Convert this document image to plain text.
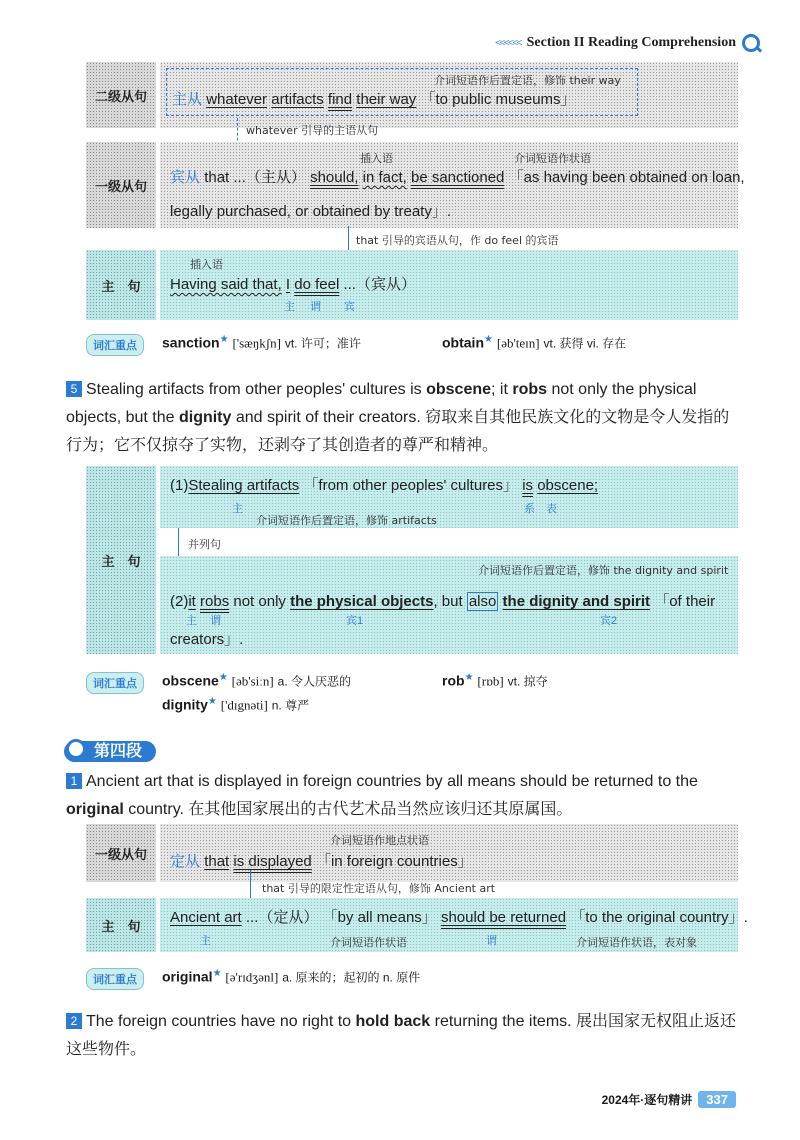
<<<<<< Section II Reading Comprehension
二级从句
介词短语作后置定语，修饰 their way
主从 whatever artifacts find their way 「to public museums」
whatever 引导的主语从句
一级从句
插入语	介词短语作状语
宾从 that ...（主从） should, in fact, be sanctioned 「as having been obtained on loan,
legally purchased, or obtained by treaty」.
that 引导的宾语从句，作 do feel 的宾语
主　句
插入语
Having said that, I do feel ...（宾从）
主 谓 宾
词汇重点	sanction★ ['sæŋkʃn] vt. 许可；准许	obtain★ [əb'teɪn] vt. 获得 vi. 存在
5 Stealing artifacts from other peoples' cultures is obscene; it robs not only the physical objects, but the dignity and spirit of their creators. 窃取来自其他民族文化的文物是令人发指的行为；它不仅掠夺了实物，还剥夺了其创造者的尊严和精神。
主　句
(1)Stealing artifacts 「from other peoples' cultures」 is obscene;
主
介词短语作后置定语，修饰 artifacts
系　表
并列句
介词短语作后置定语，修饰 the dignity and spirit
(2)it robs not only the physical objects, but also the dignity and spirit 「of their
主 谓	宾1	宾2
creators」.
词汇重点	obscene★ [əb'siːn] a. 令人厌恶的	rob★ [rɒb] vt. 掠夺
dignity★ ['dɪgnəti] n. 尊严
第四段
1 Ancient art that is displayed in foreign countries by all means should be returned to the original country. 在其他国家展出的古代艺术品当然应该归还其原属国。
一级从句
介词短语作地点状语
定从 that is displayed 「in foreign countries」
that 引导的限定性定语从句，修饰 Ancient art
主　句 Ancient art ...（定从） 「by all means」 should be returned 「to the original country」.
主	介词短语作状语	谓	介词短语作状语，表对象
词汇重点	original★ [ə'rɪdʒənl] a. 原来的；起初的 n. 原件
2 The foreign countries have no right to hold back returning the items. 展出国家无权阻止返还这些物件。
2024年·逐句精讲	337
